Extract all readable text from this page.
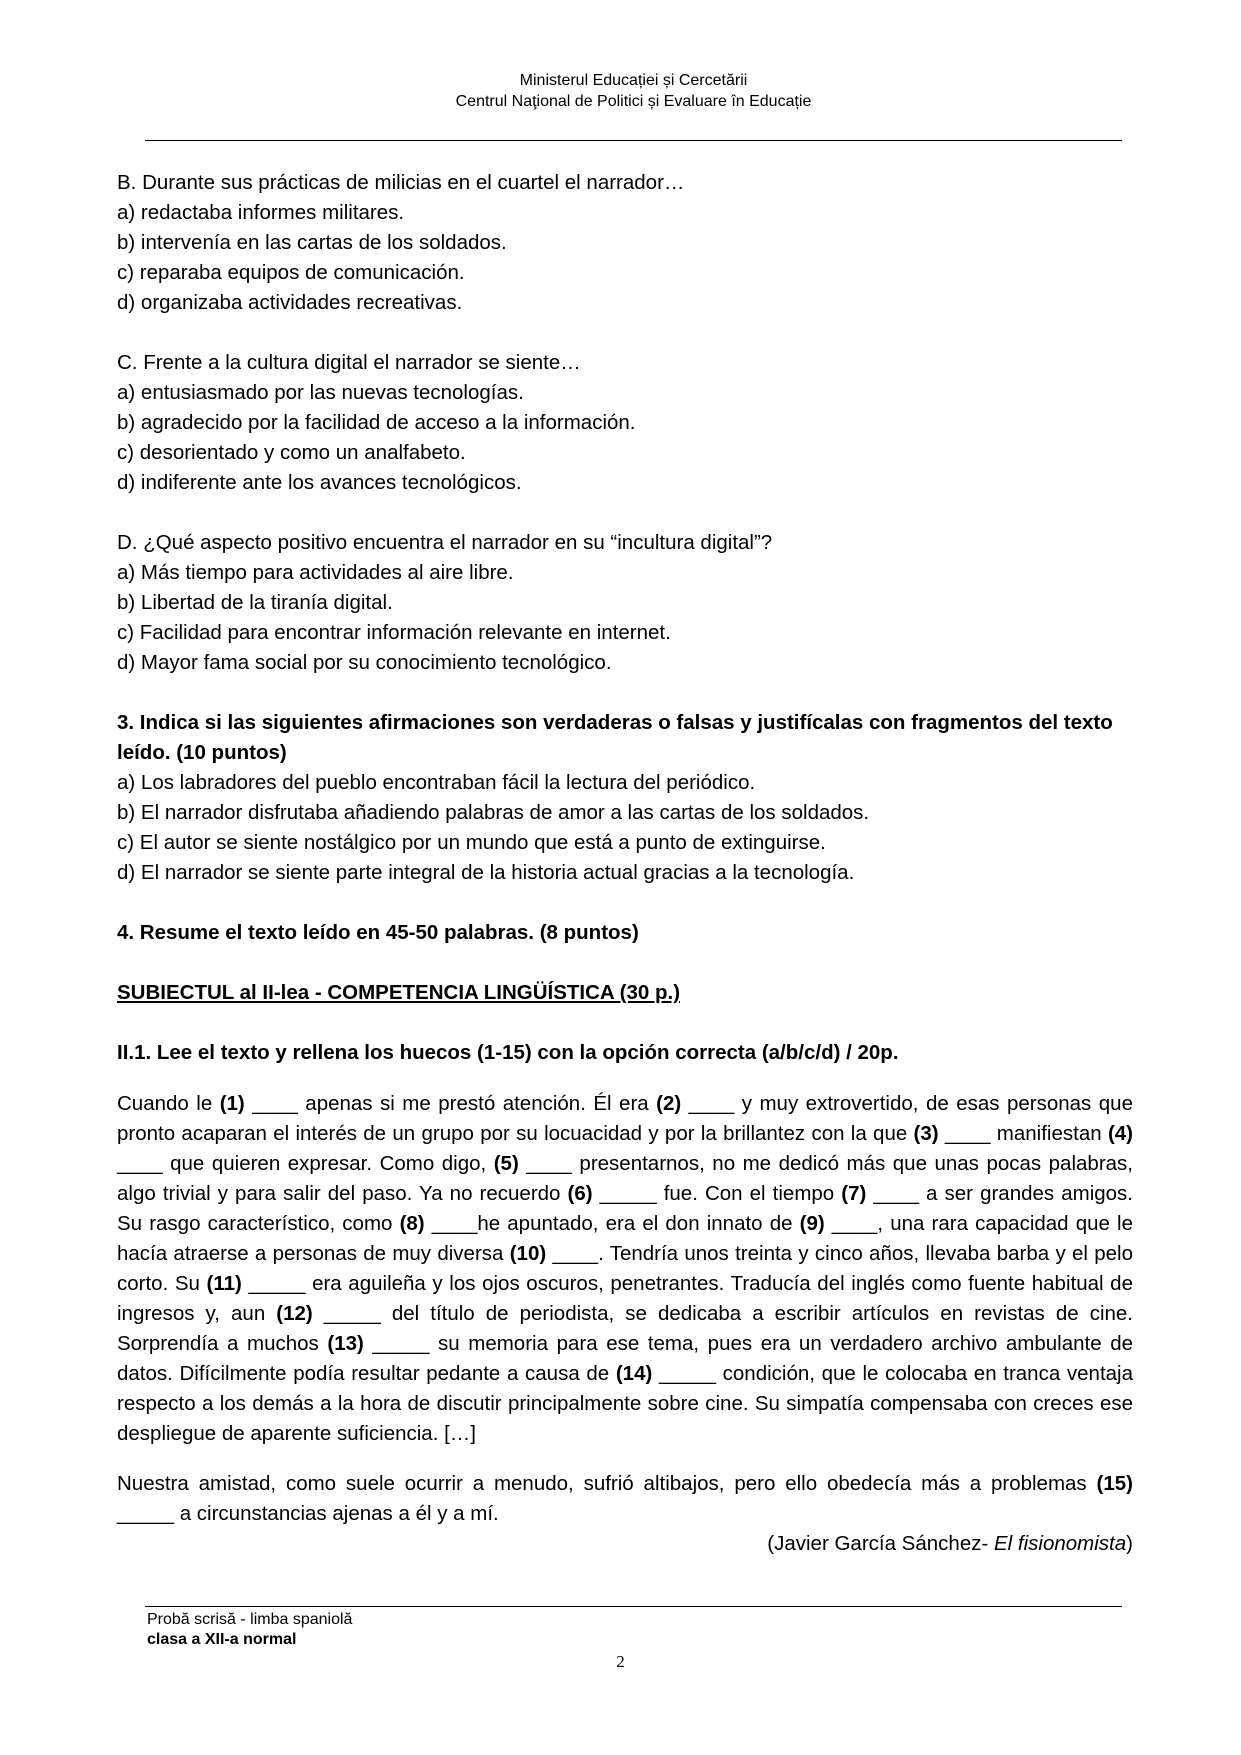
Ministerul Educației și Cercetării
Centrul Naţional de Politici și Evaluare în Educație

B. Durante sus prácticas de milicias en el cuartel el narrador…

a) redactaba informes militares.

b) intervenía en las cartas de los soldados.

c) reparaba equipos de comunicación.

d) organizaba actividades recreativas.

C. Frente a la cultura digital el narrador se siente…

a) entusiasmado por las nuevas tecnologías.

b) agradecido por la facilidad de acceso a la información.

c) desorientado y como un analfabeto.

d) indiferente ante los avances tecnológicos.

D. ¿Qué aspecto positivo encuentra el narrador en su “incultura digital”?

a) Más tiempo para actividades al aire libre.

b) Libertad de la tiranía digital.

c) Facilidad para encontrar información relevante en internet.

d) Mayor fama social por su conocimiento tecnológico.

3. Indica si las siguientes afirmaciones son verdaderas o falsas y justifícalas con fragmentos del texto leído. (10 puntos)

a) Los labradores del pueblo encontraban fácil la lectura del periódico.

b) El narrador disfrutaba añadiendo palabras de amor a las cartas de los soldados.

c) El autor se siente nostálgico por un mundo que está a punto de extinguirse.

d) El narrador se siente parte integral de la historia actual gracias a la tecnología.

4. Resume el texto leído en 45-50 palabras. (8 puntos)

SUBIECTUL al II-lea - COMPETENCIA LINGÜÍSTICA (30 p.)

II.1. Lee el texto y rellena los huecos (1-15) con la opción correcta (a/b/c/d) / 20p.

Cuando le (1) ____ apenas si me prestó atención. Él era (2) ____ y muy extrovertido, de esas personas que pronto acaparan el interés de un grupo por su locuacidad y por la brillantez con la que (3) ____ manifiestan (4) ____ que quieren expresar. Como digo, (5) ____ presentarnos, no me dedicó más que unas pocas palabras, algo trivial y para salir del paso. Ya no recuerdo (6) _____ fue. Con el tiempo (7) ____ a ser grandes amigos. Su rasgo característico, como (8) ____he apuntado, era el don innato de (9) ____, una rara capacidad que le hacía atraerse a personas de muy diversa (10) ____. Tendría unos treinta y cinco años, llevaba barba y el pelo corto. Su (11) _____ era aguileña y los ojos oscuros, penetrantes. Traducía del inglés como fuente habitual de ingresos y, aun (12) _____ del título de periodista, se dedicaba a escribir artículos en revistas de cine. Sorprendía a muchos (13) _____ su memoria para ese tema, pues era un verdadero archivo ambulante de datos. Difícilmente podía resultar pedante a causa de (14) _____ condición, que le colocaba en tranca ventaja respecto a los demás a la hora de discutir principalmente sobre cine. Su simpatía compensaba con creces ese despliegue de aparente suficiencia. […]

Nuestra amistad, como suele ocurrir a menudo, sufrió altibajos, pero ello obedecía más a problemas (15) _____ a circunstancias ajenas a él y a mí.

(Javier García Sánchez- El fisionomista)

Probă scrisă - limba spaniolă
clasa a XII-a normal
2
